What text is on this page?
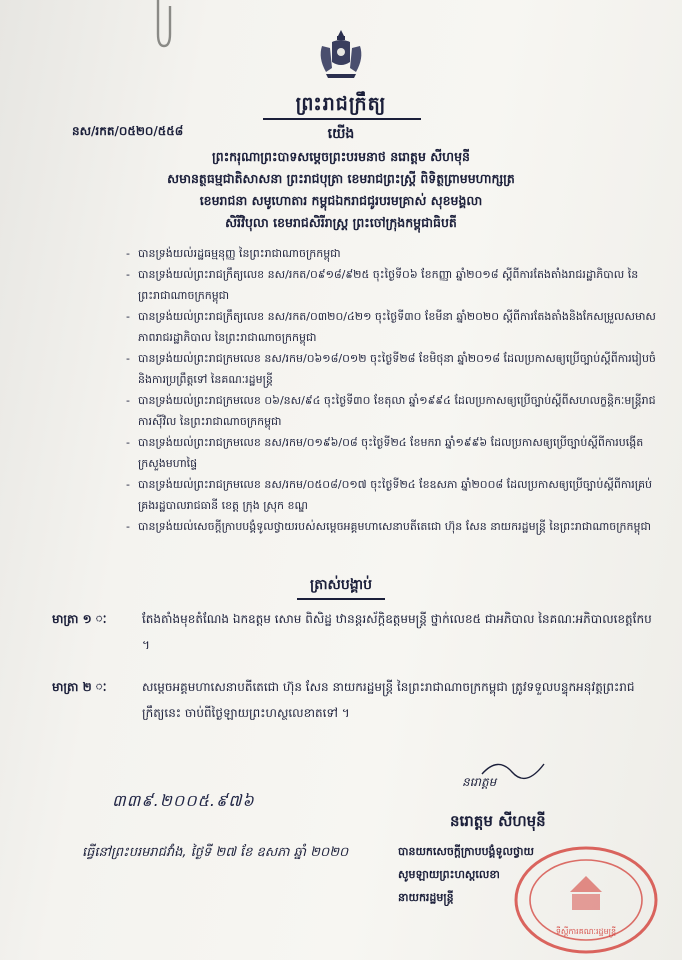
ព្រះរាជក្រឹត្យ
នស/រកត/០៥២០/៥៥៨	យើង
ព្រះករុណាព្រះបាទសម្តេចព្រះបរមនាថ នរោត្តម សីហមុនី
សមានត្ថធម្មជាតិសាសនា ព្រះរាជបុត្រា ខេមរាជព្រះស្រ្តី ពិទិត្ថព្រាមមហាក្សត្រ
ខេមរាជនា សមូហោតារ កម្ពុជឯករាជជូរបរមគ្រាស់ សុខមង្គលា
សិរីវិបុលា ខេមរាជសិរីរាស្រ្ត ព្រះចៅក្រុងកម្ពុជាធិបតី
- បានទ្រង់យល់រដ្ឋធម្មនុញ្ញ នៃព្រះរាជាណាចក្រកម្ពុជា
- បានទ្រង់យល់ព្រះរាជក្រឹត្យលេខ នស/រកត/០៩១៨/៩២៥ ចុះថ្ងៃទី០៦ ខែកញ្ញា ឆ្នាំ២០១៨ ស្តីពីការតែងតាំងរាជរដ្ឋាភិបាល នៃព្រះរាជាណាចក្រកម្ពុជា
- បានទ្រង់យល់ព្រះរាជក្រឹត្យលេខ នស/រកត/០៣២០/៤២១ ចុះថ្ងៃទី៣០ ខែមីនា ឆ្នាំ២០២០ ស្តីពីការតែងតាំងនិងកែសម្រួលសមាសភាពរាជរដ្ឋាភិបាល នៃព្រះរាជាណាចក្រកម្ពុជា
- បានទ្រង់យល់ព្រះរាជក្រមលេខ នស/រកម/០៦១៨/០១២ ចុះថ្ងៃទី២៨ ខែមិថុនា ឆ្នាំ២០១៨ ដែលប្រកាសឲ្យប្រើច្បាប់ស្តីពីការរៀបចំ និងការប្រព្រឹត្តទៅ នៃគណៈរដ្ឋមន្ត្រី
- បានទ្រង់យល់ព្រះរាជក្រមលេខ ០៦/នស/៩៤ ចុះថ្ងៃទី៣០ ខែតុលា ឆ្នាំ១៩៩៤ ដែលប្រកាសឲ្យប្រើច្បាប់ស្តីពីសហលក្ខន្តិកៈមន្ត្រីរាជការស៊ីវិល នៃព្រះរាជាណាចក្រកម្ពុជា
- បានទ្រង់យល់ព្រះរាជក្រមលេខ នស/រកម/០១៩៦/០៨ ចុះថ្ងៃទី២៤ ខែមករា ឆ្នាំ១៩៩៦ ដែលប្រកាសឲ្យប្រើច្បាប់ស្តីពីការបង្កើតក្រសួងមហាផ្ទៃ
- បានទ្រង់យល់ព្រះរាជក្រមលេខ នស/រកម/០៥០៨/០១៧ ចុះថ្ងៃទី២៤ ខែឧសភា ឆ្នាំ២០០៨ ដែលប្រកាសឲ្យប្រើច្បាប់ស្តីពីការគ្រប់គ្រងរដ្ឋបាលរាជធានី ខេត្ត ក្រុង ស្រុក ខណ្ឌ
- បានទ្រង់យល់សេចក្តីក្រាបបង្គំទូលថ្វាយរបស់សម្តេចអគ្គមហាសេនាបតីតេជោ ហ៊ុន សែន នាយករដ្ឋមន្ត្រី នៃព្រះរាជាណាចក្រកម្ពុជា
ត្រាស់បង្គាប់
មាត្រា ១ ៈ	តែងតាំងមុខតំណែង ឯកឧត្តម សោម ពិសិដ្ឋ ឋានន្តរស័ក្តិឧត្តមមន្ត្រី ថ្នាក់លេខ៥ ជាអភិបាល នៃគណៈអភិបាលខេត្តកែប ។
មាត្រា ២ ៈ	សម្តេចអគ្គមហាសេនាបតីតេជោ ហ៊ុន សែន នាយករដ្ឋមន្ត្រី នៃព្រះរាជាណាចក្រកម្ពុជា ត្រូវទទួលបន្ទុកអនុវត្តព្រះរាជក្រឹត្យនេះ ចាប់ពីថ្ងៃឡាយព្រះហស្ថលេខាតទៅ ។
៣៣៩.២០០៥.៩៧៦
នរោត្តម
នរោត្តម សីហមុនី
ធ្វើនៅព្រះបរមរាជវាំង, ថ្ងៃទី ២៧ ខែ ឧសភា ឆ្នាំ ២០២០
ទីស្តីការគណៈរដ្ឋមន្ត្រី
បានយកសេចក្ដីក្រាបបង្គំទូលថ្វាយ
សូមឡាយព្រះហស្តលេខា
នាយករដ្ឋមន្ត្រី
